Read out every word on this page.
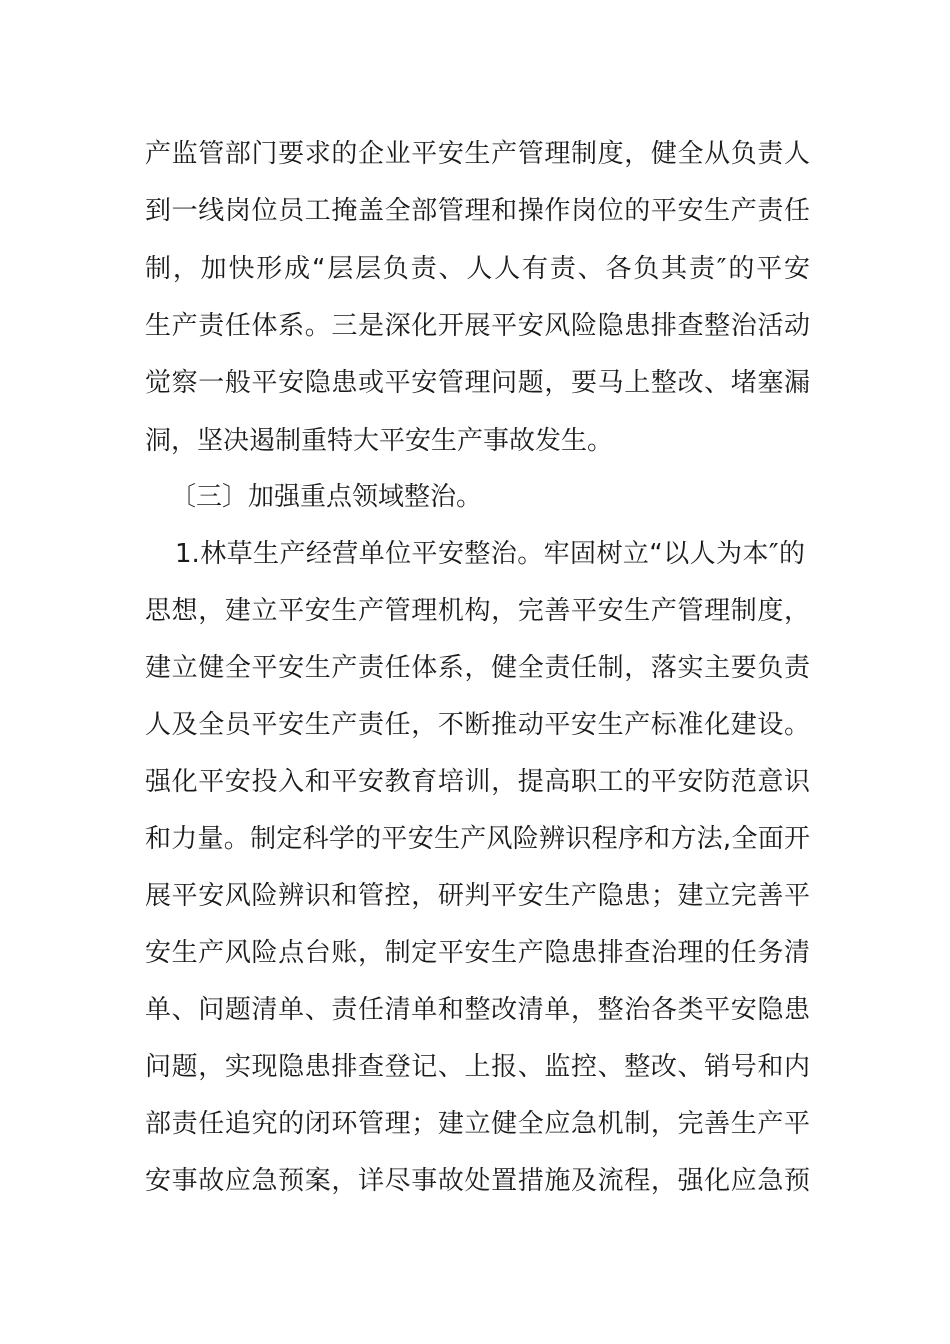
产监管部门要求的企业平安生产管理制度，健全从负责人
到一线岗位员工掩盖全部管理和操作岗位的平安生产责任
制，加快形成“层层负责、人人有责、各负其责″的平安
生产责任体系。三是深化开展平安风险隐患排查整治活动
觉察一般平安隐患或平安管理问题，要马上整改、堵塞漏
洞，坚决遏制重特大平安生产事故发生。
〔三〕加强重点领域整治。
1.林草生产经营单位平安整治。牢固树立“以人为本″的
思想，建立平安生产管理机构，完善平安生产管理制度，
建立健全平安生产责任体系，健全责任制，落实主要负责
人及全员平安生产责任，不断推动平安生产标准化建设。
强化平安投入和平安教育培训，提高职工的平安防范意识
和力量。制定科学的平安生产风险辨识程序和方法,全面开
展平安风险辨识和管控，研判平安生产隐患；建立完善平
安生产风险点台账，制定平安生产隐患排查治理的任务清
单、问题清单、责任清单和整改清单，整治各类平安隐患
问题，实现隐患排查登记、上报、监控、整改、销号和内
部责任追究的闭环管理；建立健全应急机制，完善生产平
安事故应急预案，详尽事故处置措施及流程，强化应急预
